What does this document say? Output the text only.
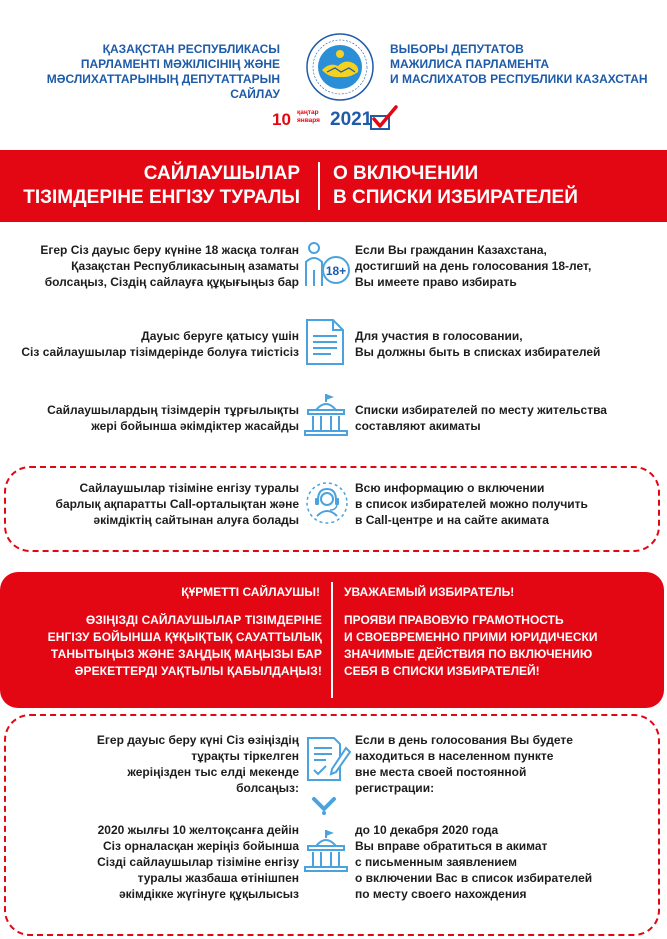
ҚАЗАҚСТАН РЕСПУБЛИКАСЫ
ПАРЛАМЕНТІ МӘЖІЛІСІНІҢ ЖӘНЕ
МӘСЛИХАТТАРЫНЫҢ ДЕПУТАТТАРЫН САЙЛАУ
ВЫБОРЫ ДЕПУТАТОВ
МАЖИЛИСА ПАРЛАМЕНТА
И МАСЛИХАТОВ РЕСПУБЛИКИ КАЗАХСТАН
10 қаңтар
января 2021
САЙЛАУШЫЛАР
ТІЗІМДЕРІНЕ ЕНГІЗУ ТУРАЛЫ
О ВКЛЮЧЕНИИ
В СПИСКИ ИЗБИРАТЕЛЕЙ
Егер Сіз дауыс беру күніне 18 жасқа толған
Қазақстан Республикасының азаматы
болсаңыз, Сіздің сайлауға құқығыңыз бар
18+
Если Вы гражданин Казахстана,
достигший на день голосования 18-лет,
Вы имеете право избирать
Дауыс беруге қатысу үшін
Сіз сайлаушылар тізімдерінде болуға тиістісіз
Для участия в голосовании,
Вы должны быть в списках избирателей
Сайлаушылардың тізімдерін тұрғылықты
жері бойынша әкімдіктер жасайды
Списки избирателей по месту жительства
составляют акиматы
Сайлаушылар тізіміне енгізу туралы
барлық ақпаратты Call-орталықтан және
әкімдіктің сайтынан алуға болады
Всю информацию о включении
в список избирателей можно получить
в Call-центре и на сайте акимата
ҚҰРМЕТТІ САЙЛАУШЫ! УВАЖАЕМЫЙ ИЗБИРАТЕЛЬ!
ӨЗІҢІЗДІ САЙЛАУШЫЛАР ТІЗІМДЕРІНЕ
ЕНГІЗУ БОЙЫНША ҚҰҚЫҚТЫҚ САУАТТЫЛЫҚ
ТАНЫТЫҢЫЗ ЖӘНЕ ЗАҢДЫҚ МАҢЫЗЫ БАР
ӘРЕКЕТТЕРДІ УАҚТЫЛЫ ҚАБЫЛДАҢЫЗ!
ПРОЯВИ ПРАВОВУЮ ГРАМОТНОСТЬ
И СВОЕВРЕМЕННО ПРИМИ ЮРИДИЧЕСКИ
ЗНАЧИМЫЕ ДЕЙСТВИЯ ПО ВКЛЮЧЕНИЮ
СЕБЯ В СПИСКИ ИЗБИРАТЕЛЕЙ!
Егер дауыс беру күні Сіз өзіңіздің
тұрақты тіркелген
жеріңізден тыс елді мекенде
болсаңыз:
Если в день голосования Вы будете
находиться в населенном пункте
вне места своей постоянной
регистрации:
2020 жылғы 10 желтоқсанға дейін
Сіз орналасқан жеріңіз бойынша
Сізді сайлаушылар тізіміне енгізу
туралы жазбаша өтінішпен
әкімдікке жүгінуге құқылысыз
до 10 декабря 2020 года
Вы вправе обратиться в акимат
с письменным заявлением
о включении Вас в список избирателей
по месту своего нахождения
